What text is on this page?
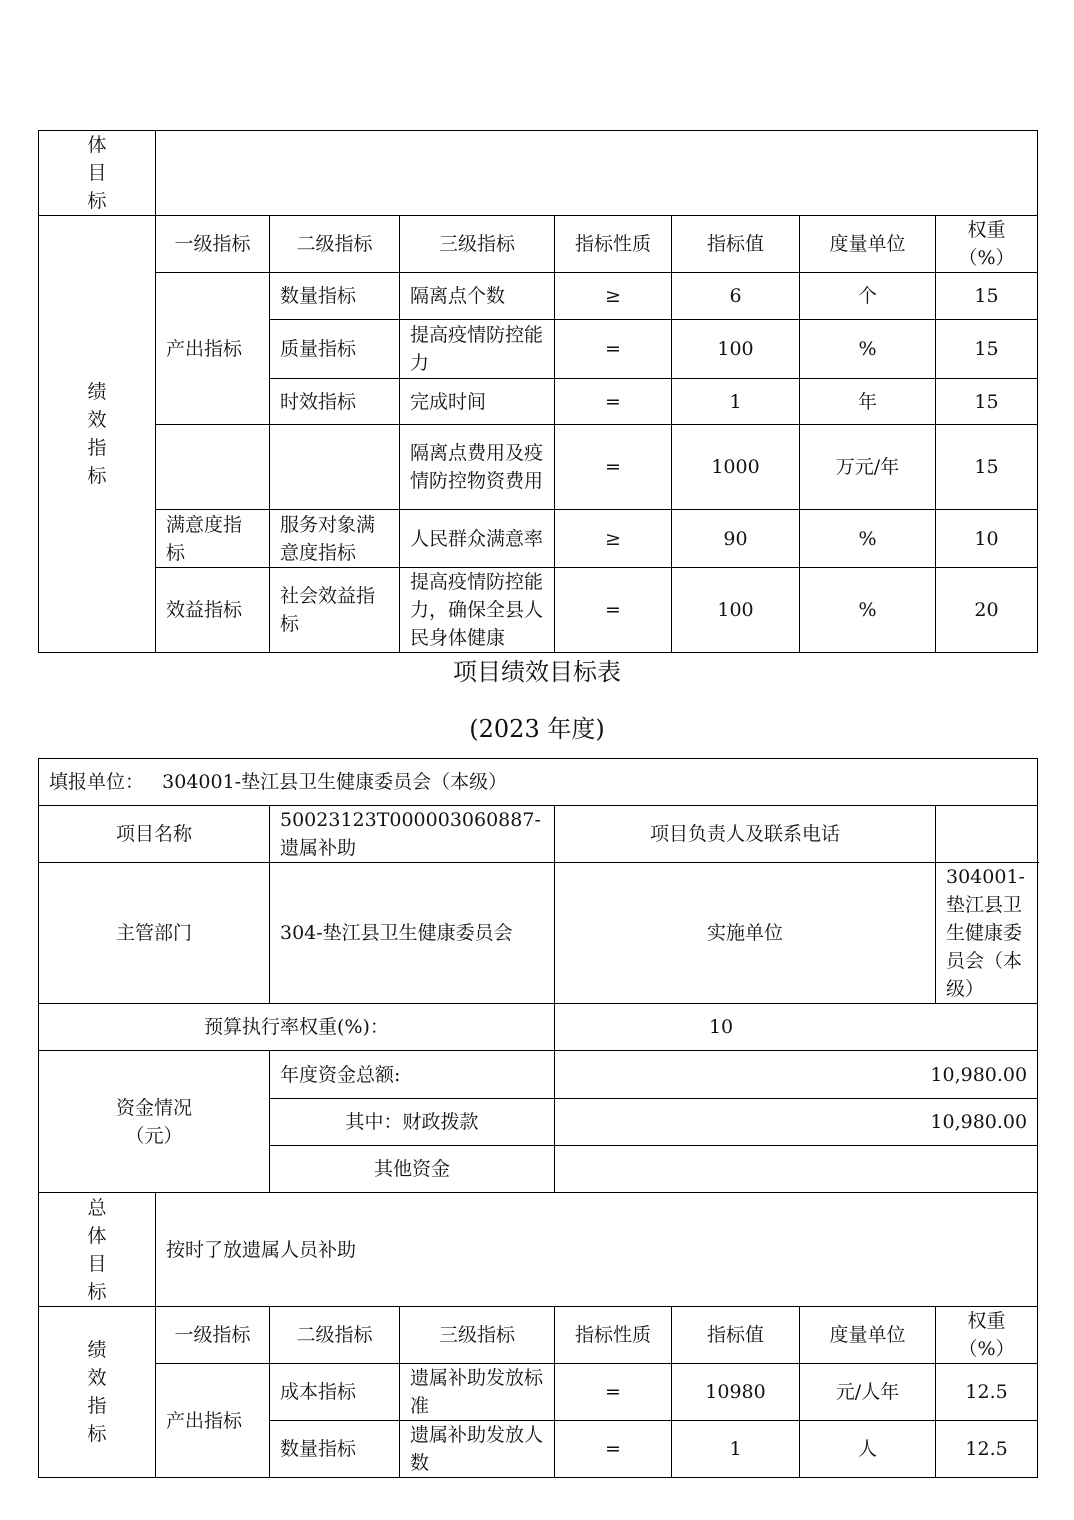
体
目
标							

绩
效
指
标	一级指标	二级指标	三级指标	指标性质	指标值	度量单位	权重（%）
	产出指标	数量指标	隔离点个数	≥	6	个	15
		质量指标	提高疫情防控能力	=	100	%	15
		时效指标	完成时间	=	1	年	15
			隔离点费用及疫情防控物资费用	=	1000	万元/年	15
	满意度指标	服务对象满意度指标	人民群众满意率	≥	90	%	10
	效益指标	社会效益指标	提高疫情防控能力，确保全县人民身体健康	=	100	%	20
项目绩效目标表
(2023 年度)
填报单位： 304001-垫江县卫生健康委员会（本级）							
项目名称		50023123T000003060887-遗属补助		项目负责人及联系电话			
主管部门		304-垫江县卫生健康委员会		实施单位			304001-垫江县卫生健康委员会（本级）
预算执行率权重(%)：				10			

资金情况
（元）		年度资金总额:		10,980.00			
		其中：财政拨款		10,980.00			
		其他资金					

总
体
目
标	按时了放遗属人员补助						

绩
效
指
标	一级指标	二级指标	三级指标	指标性质	指标值	度量单位	权重（%）
	产出指标	成本指标	遗属补助发放标准	=	10980	元/人年	12.5
		数量指标	遗属补助发放人数	=	1	人	12.5
